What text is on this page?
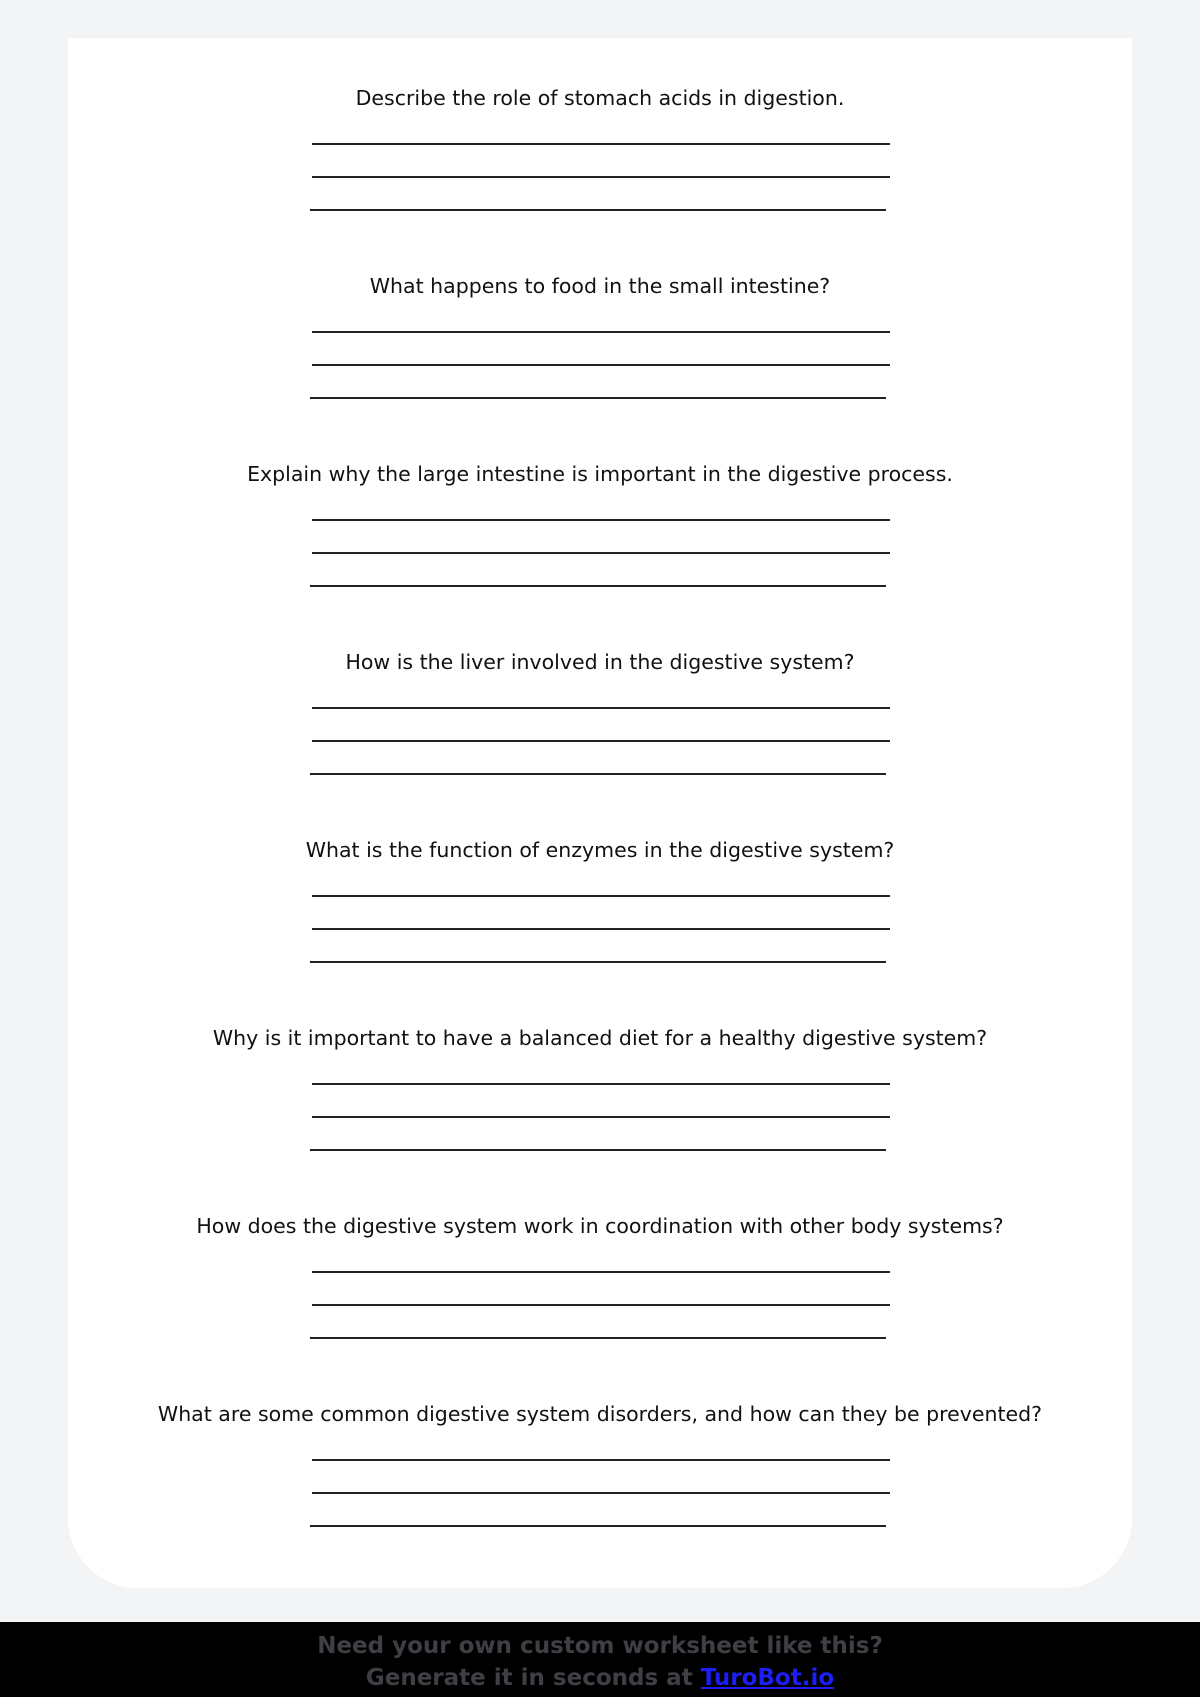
Describe the role of stomach acids in digestion.

What happens to food in the small intestine?

Explain why the large intestine is important in the digestive process.

How is the liver involved in the digestive system?

What is the function of enzymes in the digestive system?

Why is it important to have a balanced diet for a healthy digestive system?

How does the digestive system work in coordination with other body systems?

What are some common digestive system disorders, and how can they be prevented?

Need your own custom worksheet like this?
Generate it in seconds at TuroBot.io
